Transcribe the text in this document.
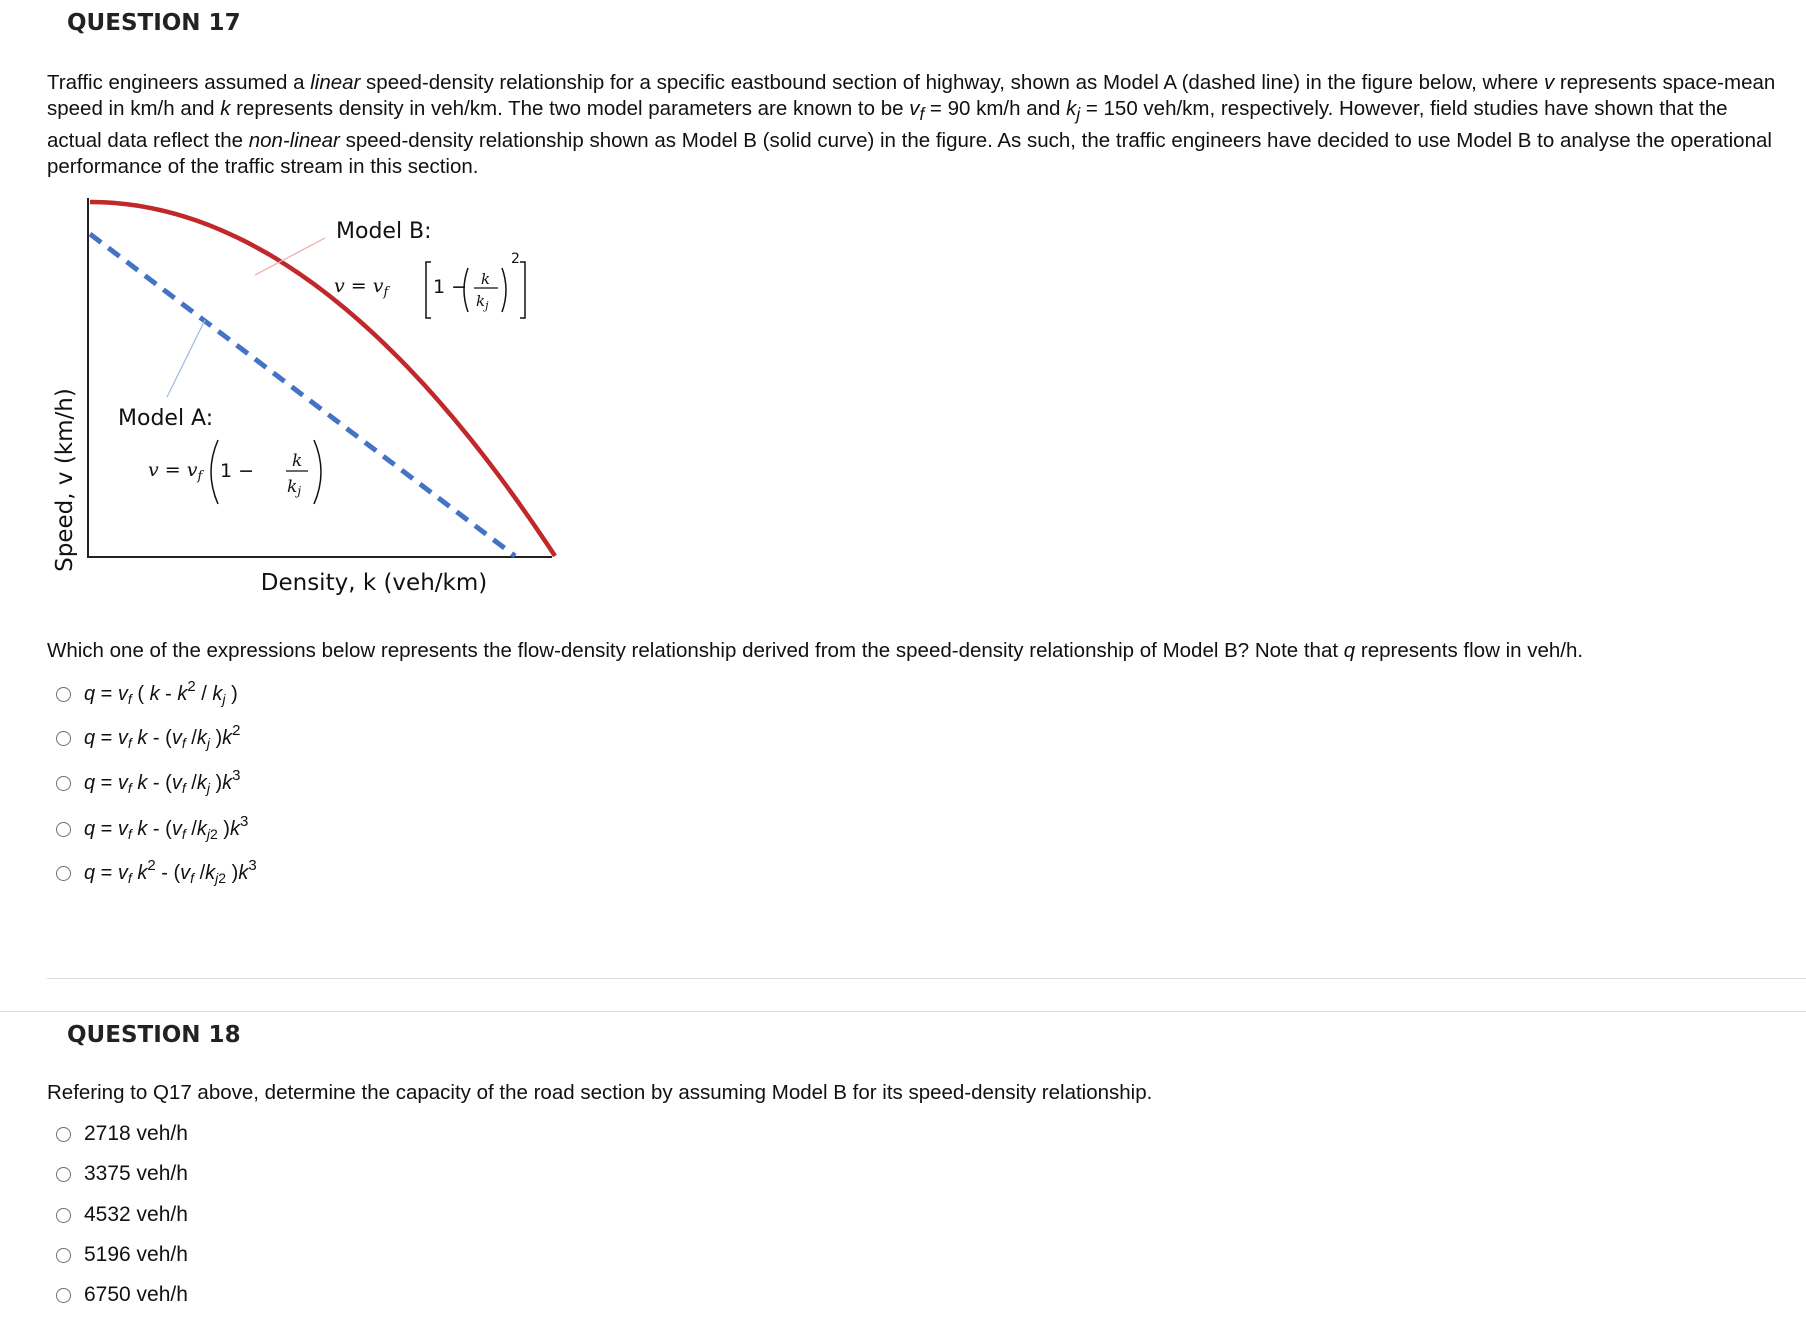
QUESTION 17
Traffic engineers assumed a linear speed-density relationship for a specific eastbound section of highway, shown as Model A (dashed line) in the figure below, where v represents space-mean speed in km/h and k represents density in veh/km. The two model parameters are known to be $v_f = 90$ km/h and $k_j = 150$ veh/km, respectively. However, field studies have shown that the actual data reflect the non-linear speed-density relationship shown as Model B (solid curve) in the figure. As such, the traffic engineers have decided to use Model B to analyse the operational performance of the traffic stream in this section.
Speed, v (km/h)
Density, k (veh/km)
Model B:
Model A:
$v = v_f$ 1 − k
$k_j$
2
$v = v_f$ 1 − k
kj
Which one of the expressions below represents the flow-density relationship derived from the speed-density relationship of Model B? Note that q represents flow in veh/h.
$q = v_f$ ( k - $k^2 / k_j$ )
$q = v_f$ k - ($v_f$ $/k_j$ )$k^2$
$q = v_f$ k - ($v_f$ $/k_j$ )$k^3$
$q = v_f$ k - ($v_f$ $/k_{j2}$ )$k^3$
$q = v_f$ $k^2 - (v_f$ $/k_{j2}$ )$k^3$
QUESTION 18
Refering to Q17 above, determine the capacity of the road section by assuming Model B for its speed-density relationship.
2718 veh/h
3375 veh/h
4532 veh/h
5196 veh/h
6750 veh/h
